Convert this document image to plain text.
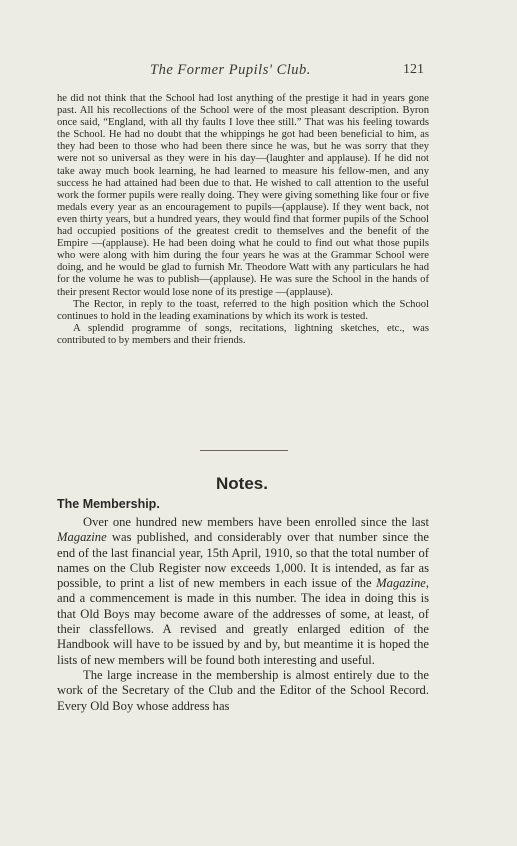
The Former Pupils' Club.	121

he did not think that the School had lost anything of the prestige it had in years gone past. All his recollections of the School were of the most pleasant description. Byron once said, “England, with all thy faults I love thee still.” That was his feeling towards the School. He had no doubt that the whippings he got had been beneficial to him, as they had been to those who had been there since he was, but he was sorry that they were not so universal as they were in his day—(laughter and applause). If he did not take away much book learning, he had learned to measure his fellow-men, and any success he had attained had been due to that. He wished to call attention to the useful work the former pupils were really doing. They were giving something like four or five medals every year as an encouragement to pupils—(applause). If they went back, not even thirty years, but a hundred years, they would find that former pupils of the School had occupied positions of the greatest credit to themselves and the benefit of the Empire —(applause). He had been doing what he could to find out what those pupils who were along with him during the four years he was at the Grammar School were doing, and he would be glad to furnish Mr. Theodore Watt with any particulars he had for the volume he was to publish—(applause). He was sure the School in the hands of their present Rector would lose none of its prestige —(applause).

The Rector, in reply to the toast, referred to the high position which the School continues to hold in the leading examinations by which its work is tested.

A splendid programme of songs, recitations, lightning sketches, etc., was contributed to by members and their friends.

Notes.
The Membership.

Over one hundred new members have been enrolled since the last Magazine was published, and considerably over that number since the end of the last financial year, 15th April, 1910, so that the total number of names on the Club Register now exceeds 1,000. It is intended, as far as possible, to print a list of new members in each issue of the Magazine, and a commencement is made in this number. The idea in doing this is that Old Boys may become aware of the addresses of some, at least, of their classfellows. A revised and greatly enlarged edition of the Handbook will have to be issued by and by, but meantime it is hoped the lists of new members will be found both interesting and useful.

The large increase in the membership is almost entirely due to the work of the Secretary of the Club and the Editor of the School Record. Every Old Boy whose address has
